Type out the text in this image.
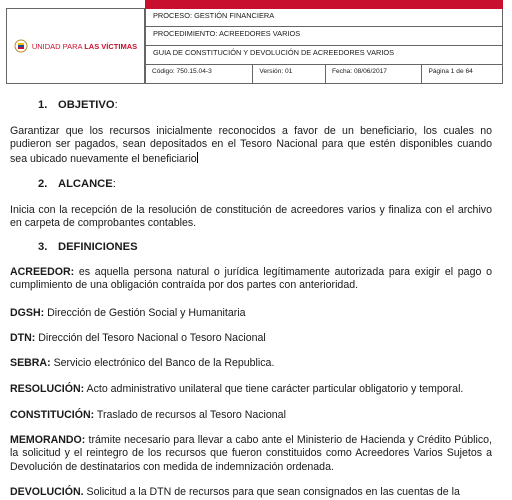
UNIDAD PARA LAS VÍCTIMAS
PROCESO: GESTIÓN FINANCIERA
PROCEDIMIENTO: ACREEDORES VARIOS
GUIA DE CONSTITUCIÓN Y DEVOLUCIÓN DE ACREEDORES VARIOS
Código: 750.15.04-3	Versión: 01	Fecha: 08/06/2017	Página 1 de 64
1. OBJETIVO:
Garantizar que los recursos inicialmente reconocidos a favor de un beneficiario, los cuales no pudieron ser pagados, sean depositados en el Tesoro Nacional para que estén disponibles cuando sea ubicado nuevamente el beneficiario
2. ALCANCE:
Inicia con la recepción de la resolución de constitución de acreedores varios y finaliza con el archivo en carpeta de comprobantes contables.
3. DEFINICIONES
ACREEDOR: es aquella persona natural o jurídica legítimamente autorizada para exigir el pago o cumplimiento de una obligación contraída por dos partes con anterioridad.
DGSH: Dirección de Gestión Social y Humanitaria
DTN: Dirección del Tesoro Nacional o Tesoro Nacional
SEBRA: Servicio electrónico del Banco de la Republica.
RESOLUCIÓN: Acto administrativo unilateral que tiene carácter particular obligatorio y temporal.
CONSTITUCIÓN: Traslado de recursos al Tesoro Nacional
MEMORANDO: trámite necesario para llevar a cabo ante el Ministerio de Hacienda y Crédito Público, la solicitud y el reintegro de los recursos que fueron constituidos como Acreedores Varios Sujetos a Devolución de destinatarios con medida de indemnización ordenada.
DEVOLUCIÓN. Solicitud a la DTN de recursos para que sean consignados en las cuentas de la
